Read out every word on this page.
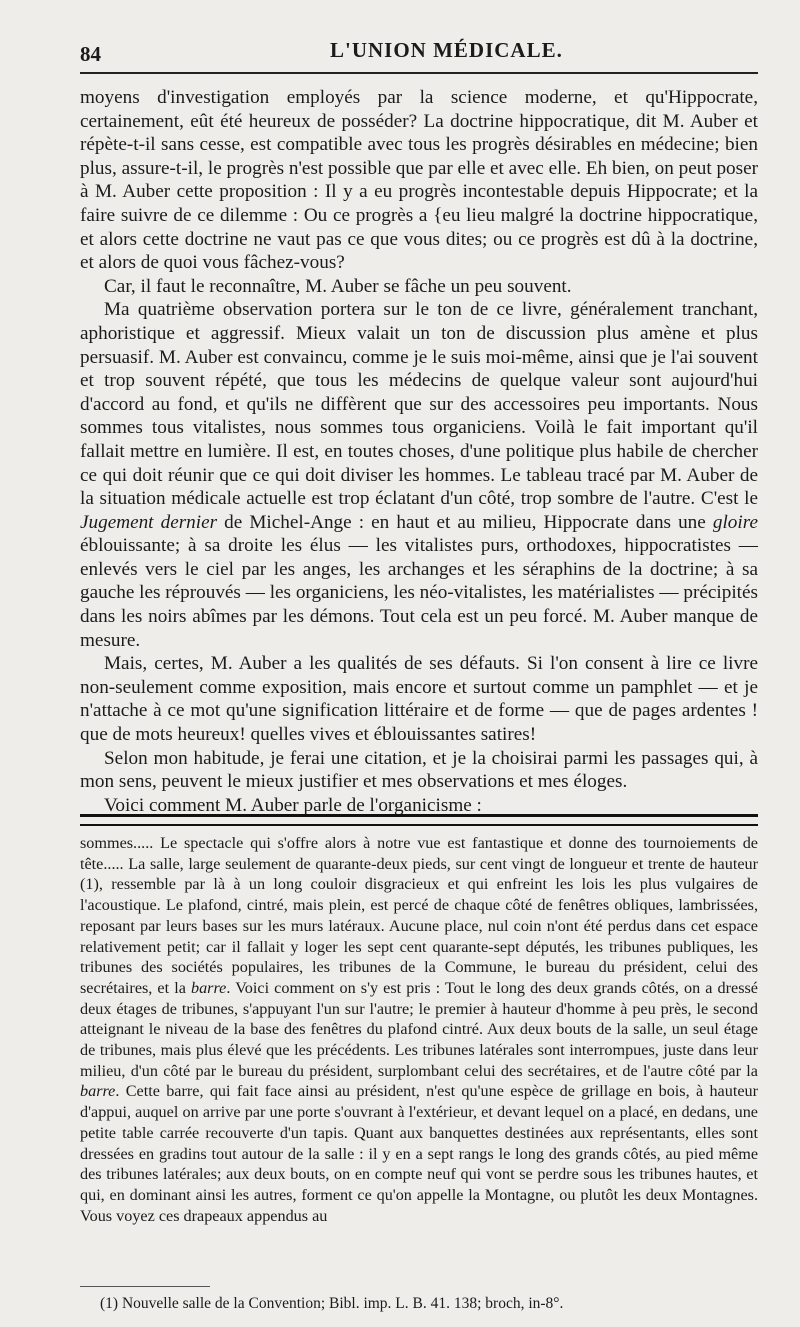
84	L'UNION MÉDICALE.

moyens d'investigation employés par la science moderne, et qu'Hippocrate, certainement, eût été heureux de posséder? La doctrine hippocratique, dit M. Auber et répète-t-il sans cesse, est compatible avec tous les progrès désirables en médecine; bien plus, assure-t-il, le progrès n'est possible que par elle et avec elle. Eh bien, on peut poser à M. Auber cette proposition : Il y a eu progrès incontestable depuis Hippocrate; et la faire suivre de ce dilemme : Ou ce progrès a {eu lieu malgré la doctrine hippocratique, et alors cette doctrine ne vaut pas ce que vous dites; ou ce progrès est dû à la doctrine, et alors de quoi vous fâchez-vous?

Car, il faut le reconnaître, M. Auber se fâche un peu souvent.

Ma quatrième observation portera sur le ton de ce livre, généralement tranchant, aphoristique et aggressif. Mieux valait un ton de discussion plus amène et plus persuasif. M. Auber est convaincu, comme je le suis moi-même, ainsi que je l'ai souvent et trop souvent répété, que tous les médecins de quelque valeur sont aujourd'hui d'accord au fond, et qu'ils ne diffèrent que sur des accessoires peu importants. Nous sommes tous vitalistes, nous sommes tous organiciens. Voilà le fait important qu'il fallait mettre en lumière. Il est, en toutes choses, d'une politique plus habile de chercher ce qui doit réunir que ce qui doit diviser les hommes. Le tableau tracé par M. Auber de la situation médicale actuelle est trop éclatant d'un côté, trop sombre de l'autre. C'est le Jugement dernier de Michel-Ange : en haut et au milieu, Hippocrate dans une gloire éblouissante; à sa droite les élus — les vitalistes purs, orthodoxes, hippocratistes — enlevés vers le ciel par les anges, les archanges et les séraphins de la doctrine; à sa gauche les réprouvés — les organiciens, les néo-vitalistes, les matérialistes — précipités dans les noirs abîmes par les démons. Tout cela est un peu forcé. M. Auber manque de mesure.

Mais, certes, M. Auber a les qualités de ses défauts. Si l'on consent à lire ce livre non-seulement comme exposition, mais encore et surtout comme un pamphlet — et je n'attache à ce mot qu'une signification littéraire et de forme — que de pages ardentes ! que de mots heureux! quelles vives et éblouissantes satires!

Selon mon habitude, je ferai une citation, et je la choisirai parmi les passages qui, à mon sens, peuvent le mieux justifier et mes observations et mes éloges.

Voici comment M. Auber parle de l'organicisme :

sommes..... Le spectacle qui s'offre alors à notre vue est fantastique et donne des tournoiements de tête..... La salle, large seulement de quarante-deux pieds, sur cent vingt de longueur et trente de hauteur (1), ressemble par là à un long couloir disgracieux et qui enfreint les lois les plus vulgaires de l'acoustique. Le plafond, cintré, mais plein, est percé de chaque côté de fenêtres obliques, lambrissées, reposant par leurs bases sur les murs latéraux. Aucune place, nul coin n'ont été perdus dans cet espace relativement petit; car il fallait y loger les sept cent quarante-sept députés, les tribunes publiques, les tribunes des sociétés populaires, les tribunes de la Commune, le bureau du président, celui des secrétaires, et la barre. Voici comment on s'y est pris : Tout le long des deux grands côtés, on a dressé deux étages de tribunes, s'appuyant l'un sur l'autre; le premier à hauteur d'homme à peu près, le second atteignant le niveau de la base des fenêtres du plafond cintré. Aux deux bouts de la salle, un seul étage de tribunes, mais plus élevé que les précédents. Les tribunes latérales sont interrompues, juste dans leur milieu, d'un côté par le bureau du président, surplombant celui des secrétaires, et de l'autre côté par la barre. Cette barre, qui fait face ainsi au président, n'est qu'une espèce de grillage en bois, à hauteur d'appui, auquel on arrive par une porte s'ouvrant à l'extérieur, et devant lequel on a placé, en dedans, une petite table carrée recouverte d'un tapis. Quant aux banquettes destinées aux représentants, elles sont dressées en gradins tout autour de la salle : il y en a sept rangs le long des grands côtés, au pied même des tribunes latérales; aux deux bouts, on en compte neuf qui vont se perdre sous les tribunes hautes, et qui, en dominant ainsi les autres, forment ce qu'on appelle la Montagne, ou plutôt les deux Montagnes. Vous voyez ces drapeaux appendus au

(1) Nouvelle salle de la Convention; Bibl. imp. L. B. 41. 138; broch, in-8°.
